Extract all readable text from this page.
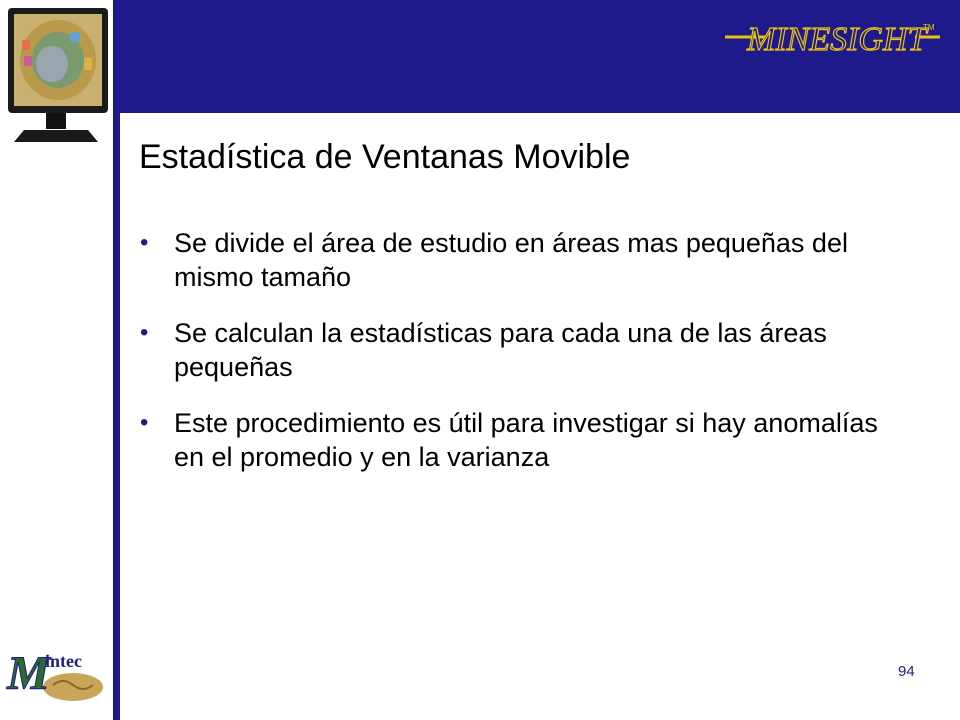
MINESIGHT
TM
Estadística de Ventanas Movible
• Se divide el área de estudio en áreas mas pequeñas del mismo tamaño
• Se calculan la estadísticas para cada una de las áreas pequeñas
• Este procedimiento es útil para investigar si hay anomalías en el promedio y en la varianza
M
intec
94
